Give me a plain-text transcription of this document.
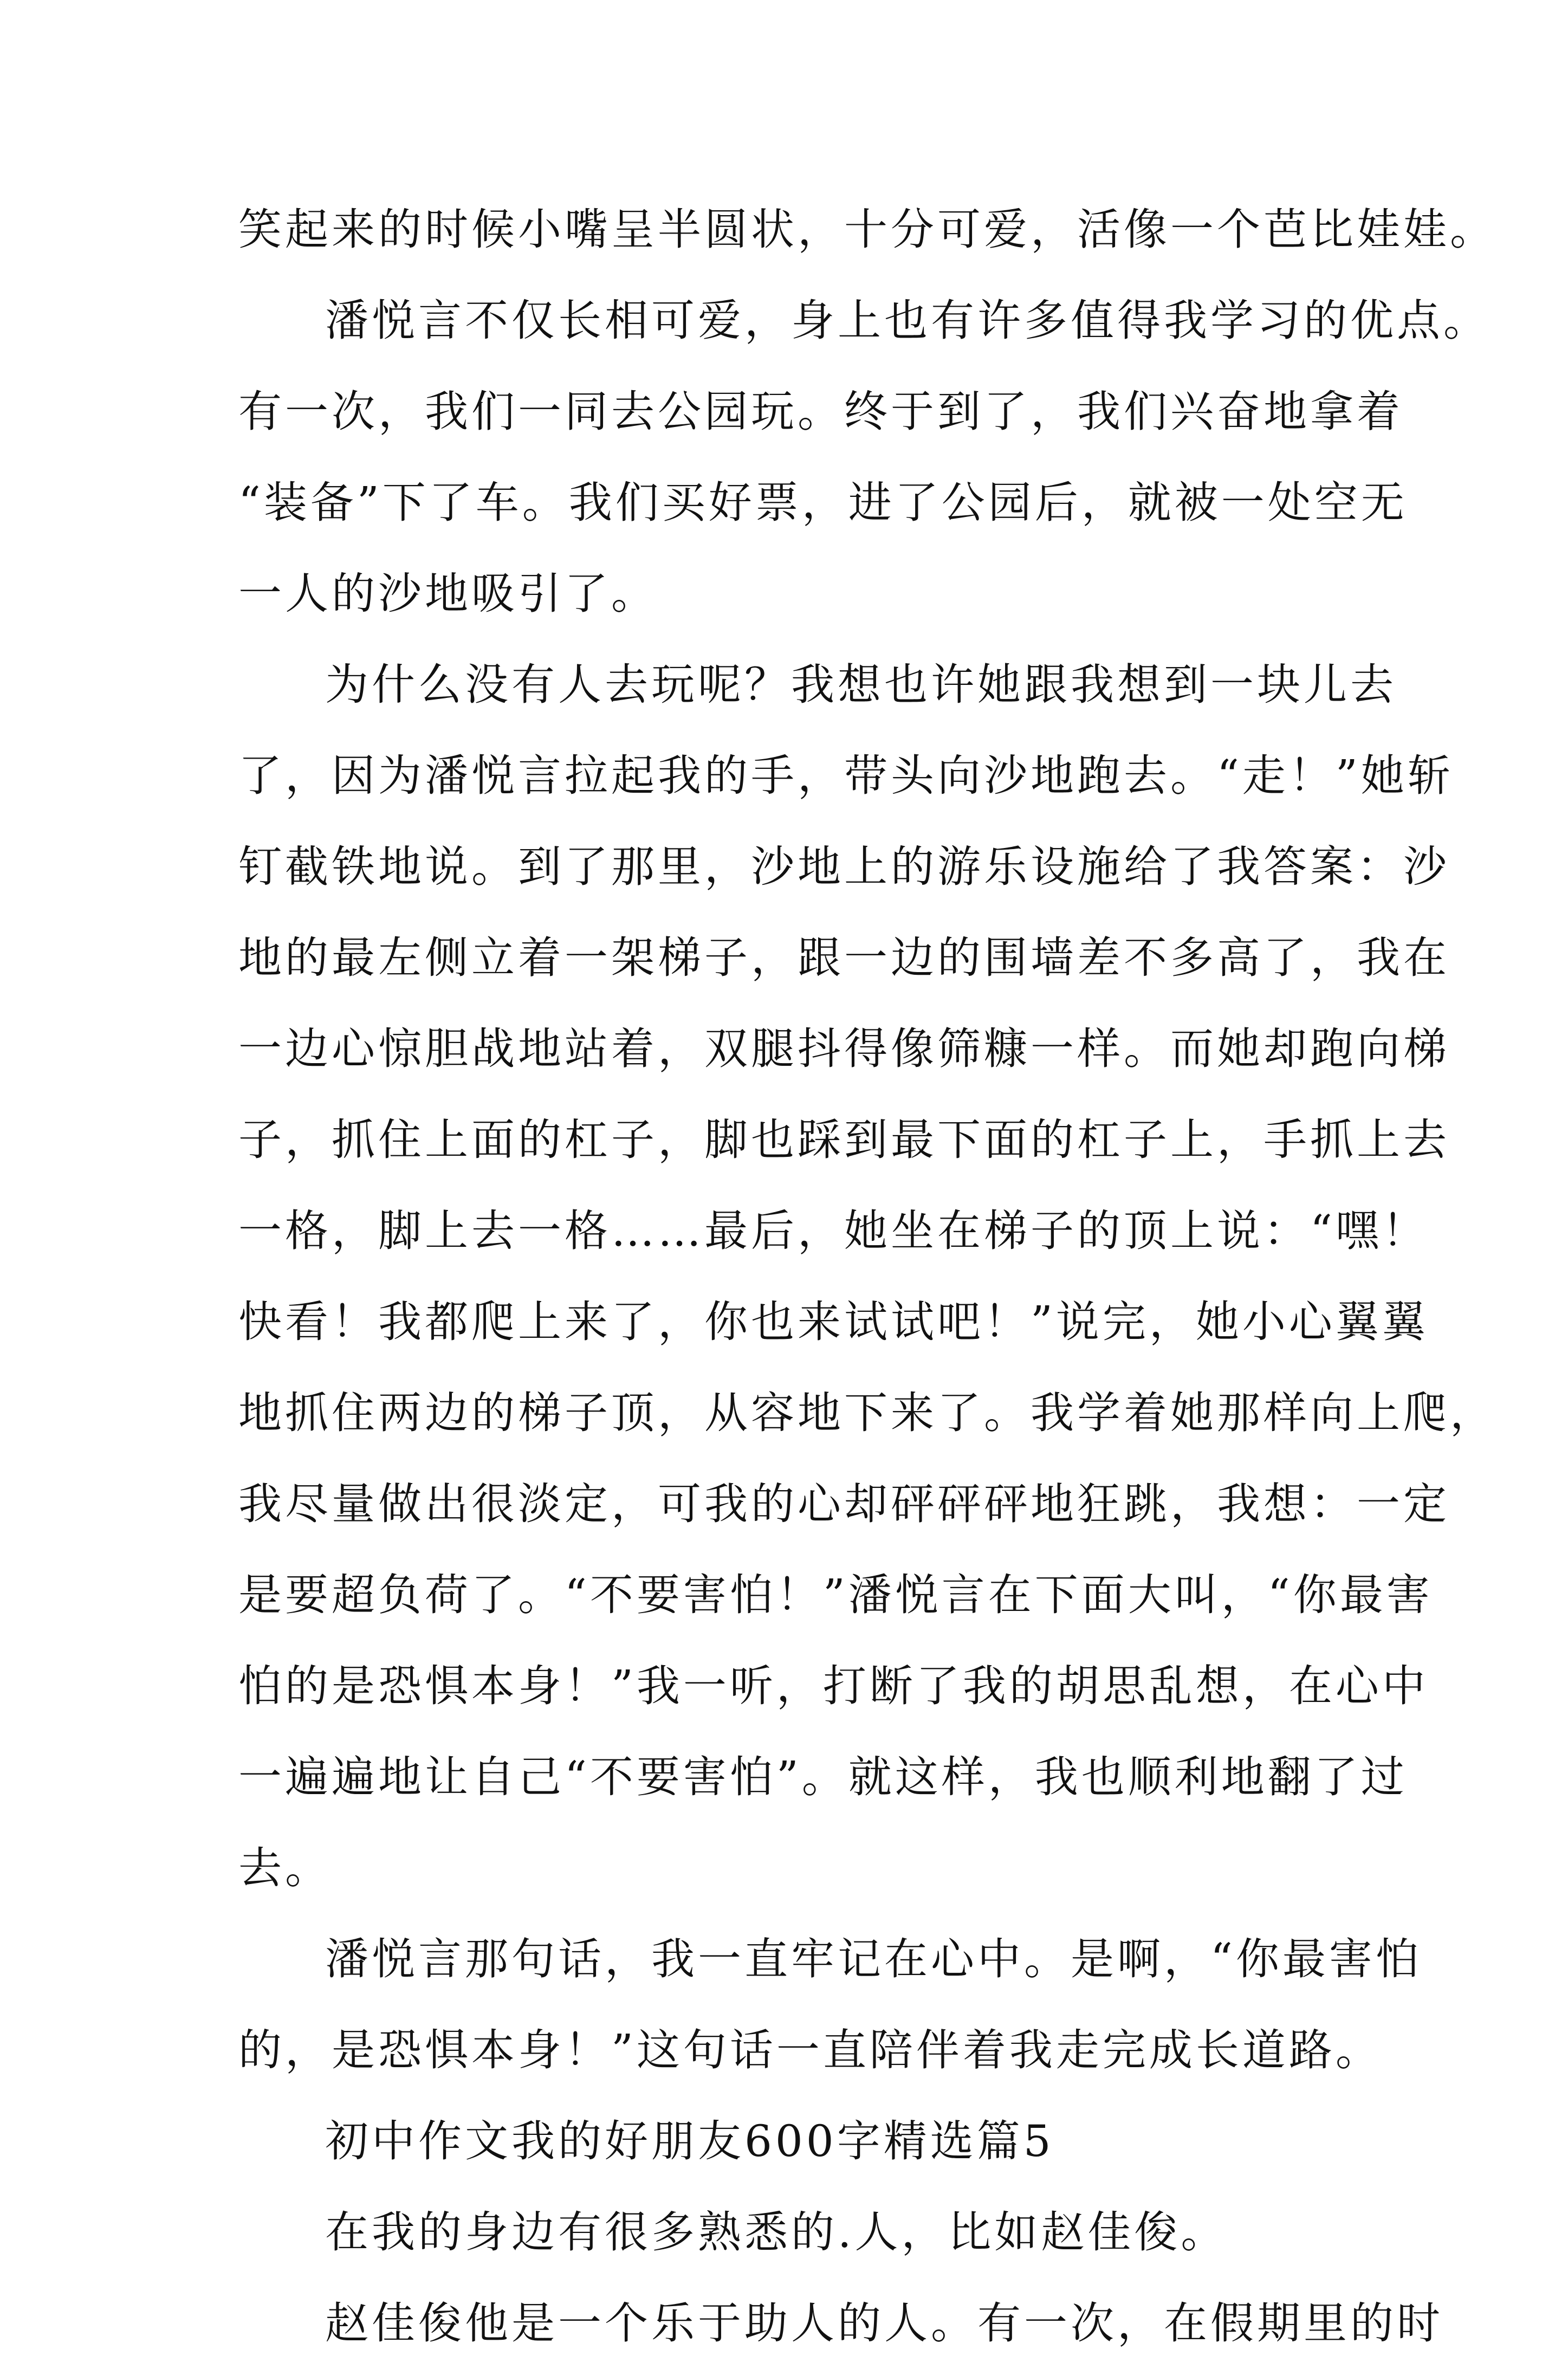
笑起来的时候小嘴呈半圆状，十分可爱，活像一个芭比娃娃。
潘悦言不仅长相可爱，身上也有许多值得我学习的优点。
有一次，我们一同去公园玩。终于到了，我们兴奋地拿着
“装备”下了车。我们买好票，进了公园后，就被一处空无
一人的沙地吸引了。
为什么没有人去玩呢？我想也许她跟我想到一块儿去
了，因为潘悦言拉起我的手，带头向沙地跑去。“走！”她斩
钉截铁地说。到了那里，沙地上的游乐设施给了我答案：沙
地的最左侧立着一架梯子，跟一边的围墙差不多高了，我在
一边心惊胆战地站着，双腿抖得像筛糠一样。而她却跑向梯
子，抓住上面的杠子，脚也踩到最下面的杠子上，手抓上去
一格，脚上去一格……最后，她坐在梯子的顶上说：“嘿！
快看！我都爬上来了，你也来试试吧！”说完，她小心翼翼
地抓住两边的梯子顶，从容地下来了。我学着她那样向上爬，
我尽量做出很淡定，可我的心却砰砰砰地狂跳，我想：一定
是要超负荷了。“不要害怕！”潘悦言在下面大叫，“你最害
怕的是恐惧本身！”我一听，打断了我的胡思乱想，在心中
一遍遍地让自己“不要害怕”。就这样，我也顺利地翻了过
去。
潘悦言那句话，我一直牢记在心中。是啊，“你最害怕
的，是恐惧本身！”这句话一直陪伴着我走完成长道路。
初中作文我的好朋友600字精选篇5
在我的身边有很多熟悉的.人，比如赵佳俊。
赵佳俊他是一个乐于助人的人。有一次，在假期里的时
